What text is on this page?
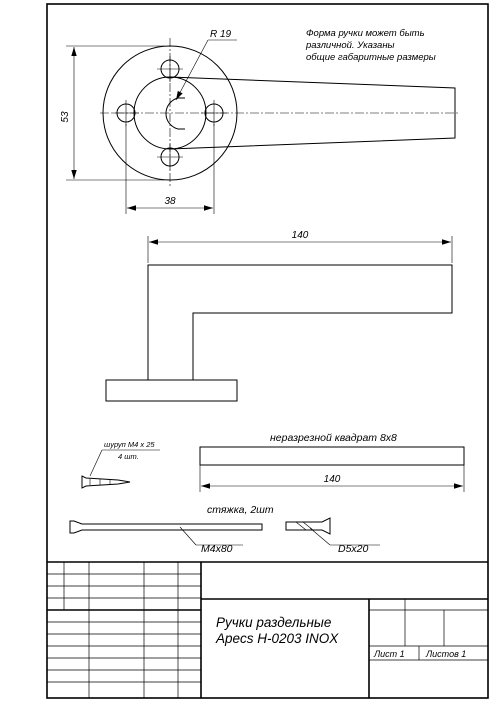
R 19
53
38
Форма ручки может быть различной. Указаны общие габаритные размеры
140
шуруп М4 х 25
4 шт.
неразрезной квадрат 8x8
140
стяжка, 2шт
М4x80	D5x20
Ручки раздельные
Apecs H-0203 INOX
Лист 1 Листов 1
